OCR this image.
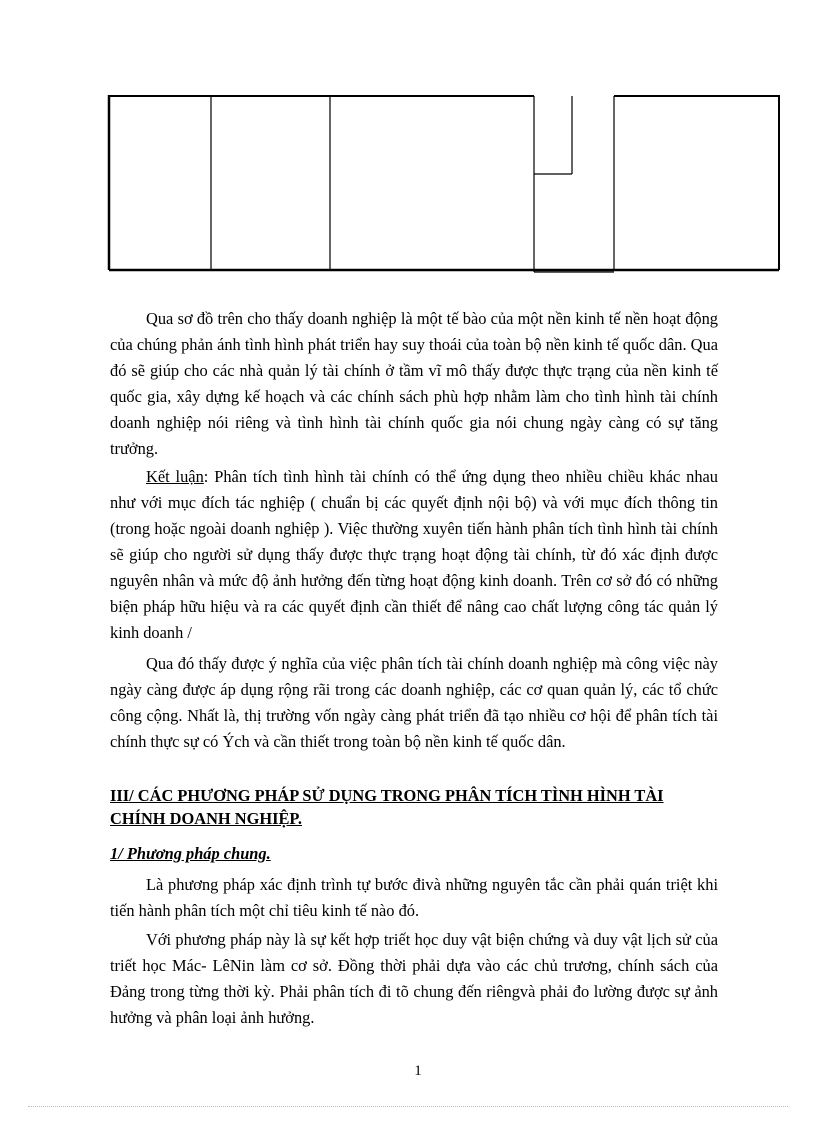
Qua sơ đồ trên cho thấy doanh nghiệp là một tế bào của một nền kinh tế nền hoạt động của chúng phản ánh tình hình phát triển hay suy thoái của toàn bộ nền kinh tế quốc dân. Qua đó sẽ giúp cho các nhà quản lý tài chính ở tầm vĩ mô thấy được thực trạng của nền kinh tế quốc gia, xây dựng kế hoạch và các chính sách phù hợp nhằm làm cho tình hình tài chính doanh nghiệp nói riêng và tình hình tài chính quốc gia nói chung ngày càng có sự tăng trưởng.

Kết luận: Phân tích tình hình tài chính có thể ứng dụng theo nhiều chiều khác nhau như với mục đích tác nghiệp ( chuẩn bị các quyết định nội bộ) và với mục đích thông tin (trong hoặc ngoài doanh nghiệp ). Việc thường xuyên tiến hành phân tích tình hình tài chính sẽ giúp cho người sử dụng thấy được thực trạng hoạt động tài chính, từ đó xác định được nguyên nhân và mức độ ảnh hưởng đến từng hoạt động kinh doanh. Trên cơ sở đó có những biện pháp hữu hiệu và ra các quyết định cần thiết để nâng cao chất lượng công tác quản lý kinh doanh /

Qua đó thấy được ý nghĩa của việc phân tích tài chính doanh nghiệp mà công việc này ngày càng được áp dụng rộng rãi trong các doanh nghiệp, các cơ quan quản lý, các tổ chức công cộng. Nhất là, thị trường vốn ngày càng phát triển đã tạo nhiều cơ hội để phân tích tài chính thực sự có Ých và cần thiết trong toàn bộ nền kinh tế quốc dân.

III/ CÁC PHƯƠNG PHÁP SỬ DỤNG TRONG PHÂN TÍCH TÌNH HÌNH TÀI CHÍNH DOANH NGHIỆP.

1/ Phương pháp chung.

Là phương pháp xác định trình tự bước đivà những nguyên tắc cần phải quán triệt khi tiến hành phân tích một chỉ tiêu kinh tế nào đó.

Với phương pháp này là sự kết hợp triết học duy vật biện chứng và duy vật lịch sử của triết học Mác- LêNin làm cơ sở. Đồng thời phải dựa vào các chủ trương, chính sách của Đảng trong từng thời kỳ. Phải phân tích đi tõ chung đến riêngvà phải đo lường được sự ảnh hưởng và phân loại ảnh hưởng.

1
